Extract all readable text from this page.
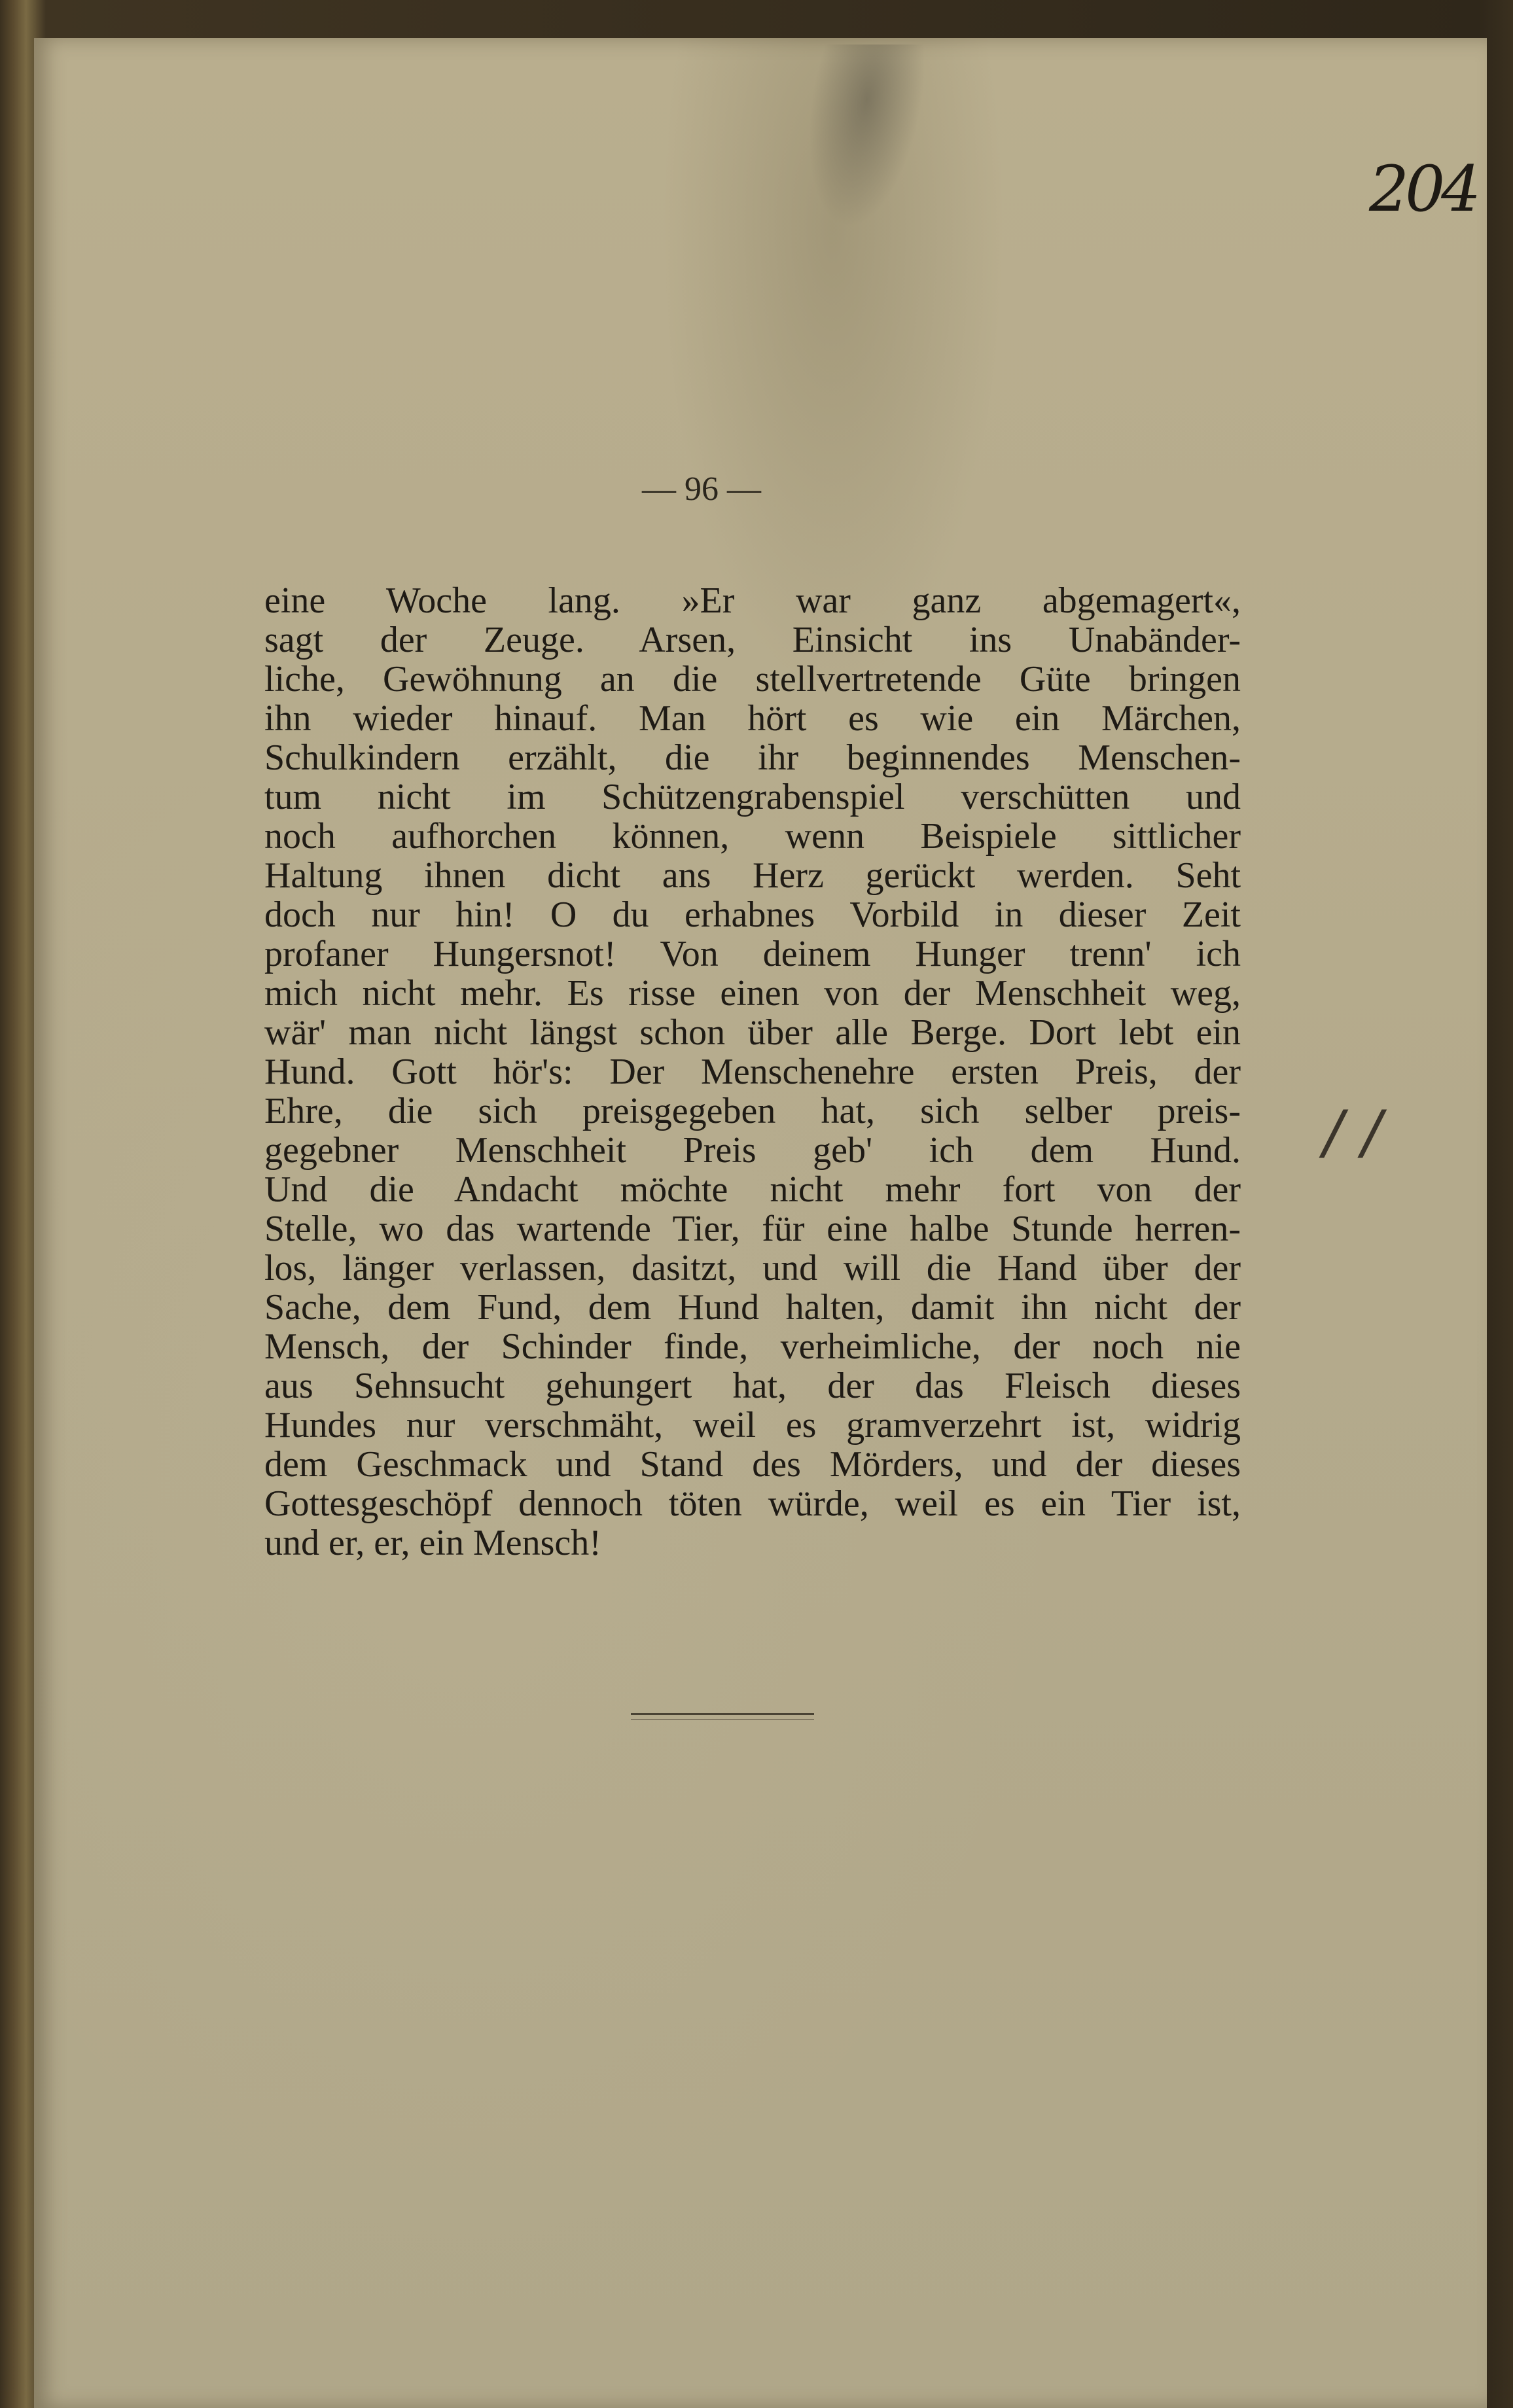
204
— 96 —
eine Woche lang. »Er war ganz abgemagert«,
sagt der Zeuge. Arsen, Einsicht ins Unabänder-
liche, Gewöhnung an die stellvertretende Güte bringen
ihn wieder hinauf. Man hört es wie ein Märchen,
Schulkindern erzählt, die ihr beginnendes Menschen-
tum nicht im Schützengrabenspiel verschütten und
noch aufhorchen können, wenn Beispiele sittlicher
Haltung ihnen dicht ans Herz gerückt werden. Seht
doch nur hin! O du erhabnes Vorbild in dieser Zeit
profaner Hungersnot! Von deinem Hunger trenn' ich
mich nicht mehr. Es risse einen von der Menschheit weg,
wär' man nicht längst schon über alle Berge. Dort lebt ein
Hund. Gott hör's: Der Menschenehre ersten Preis, der
Ehre, die sich preisgegeben hat, sich selber preis-
gegebner Menschheit Preis geb' ich dem Hund.
Und die Andacht möchte nicht mehr fort von der
Stelle, wo das wartende Tier, für eine halbe Stunde herren-
los, länger verlassen, dasitzt, und will die Hand über der
Sache, dem Fund, dem Hund halten, damit ihn nicht der
Mensch, der Schinder finde, verheimliche, der noch nie
aus Sehnsucht gehungert hat, der das Fleisch dieses
Hundes nur verschmäht, weil es gramverzehrt ist, widrig
dem Geschmack und Stand des Mörders, und der dieses
Gottesgeschöpf dennoch töten würde, weil es ein Tier ist,
und er, er, ein Mensch!
/ /
